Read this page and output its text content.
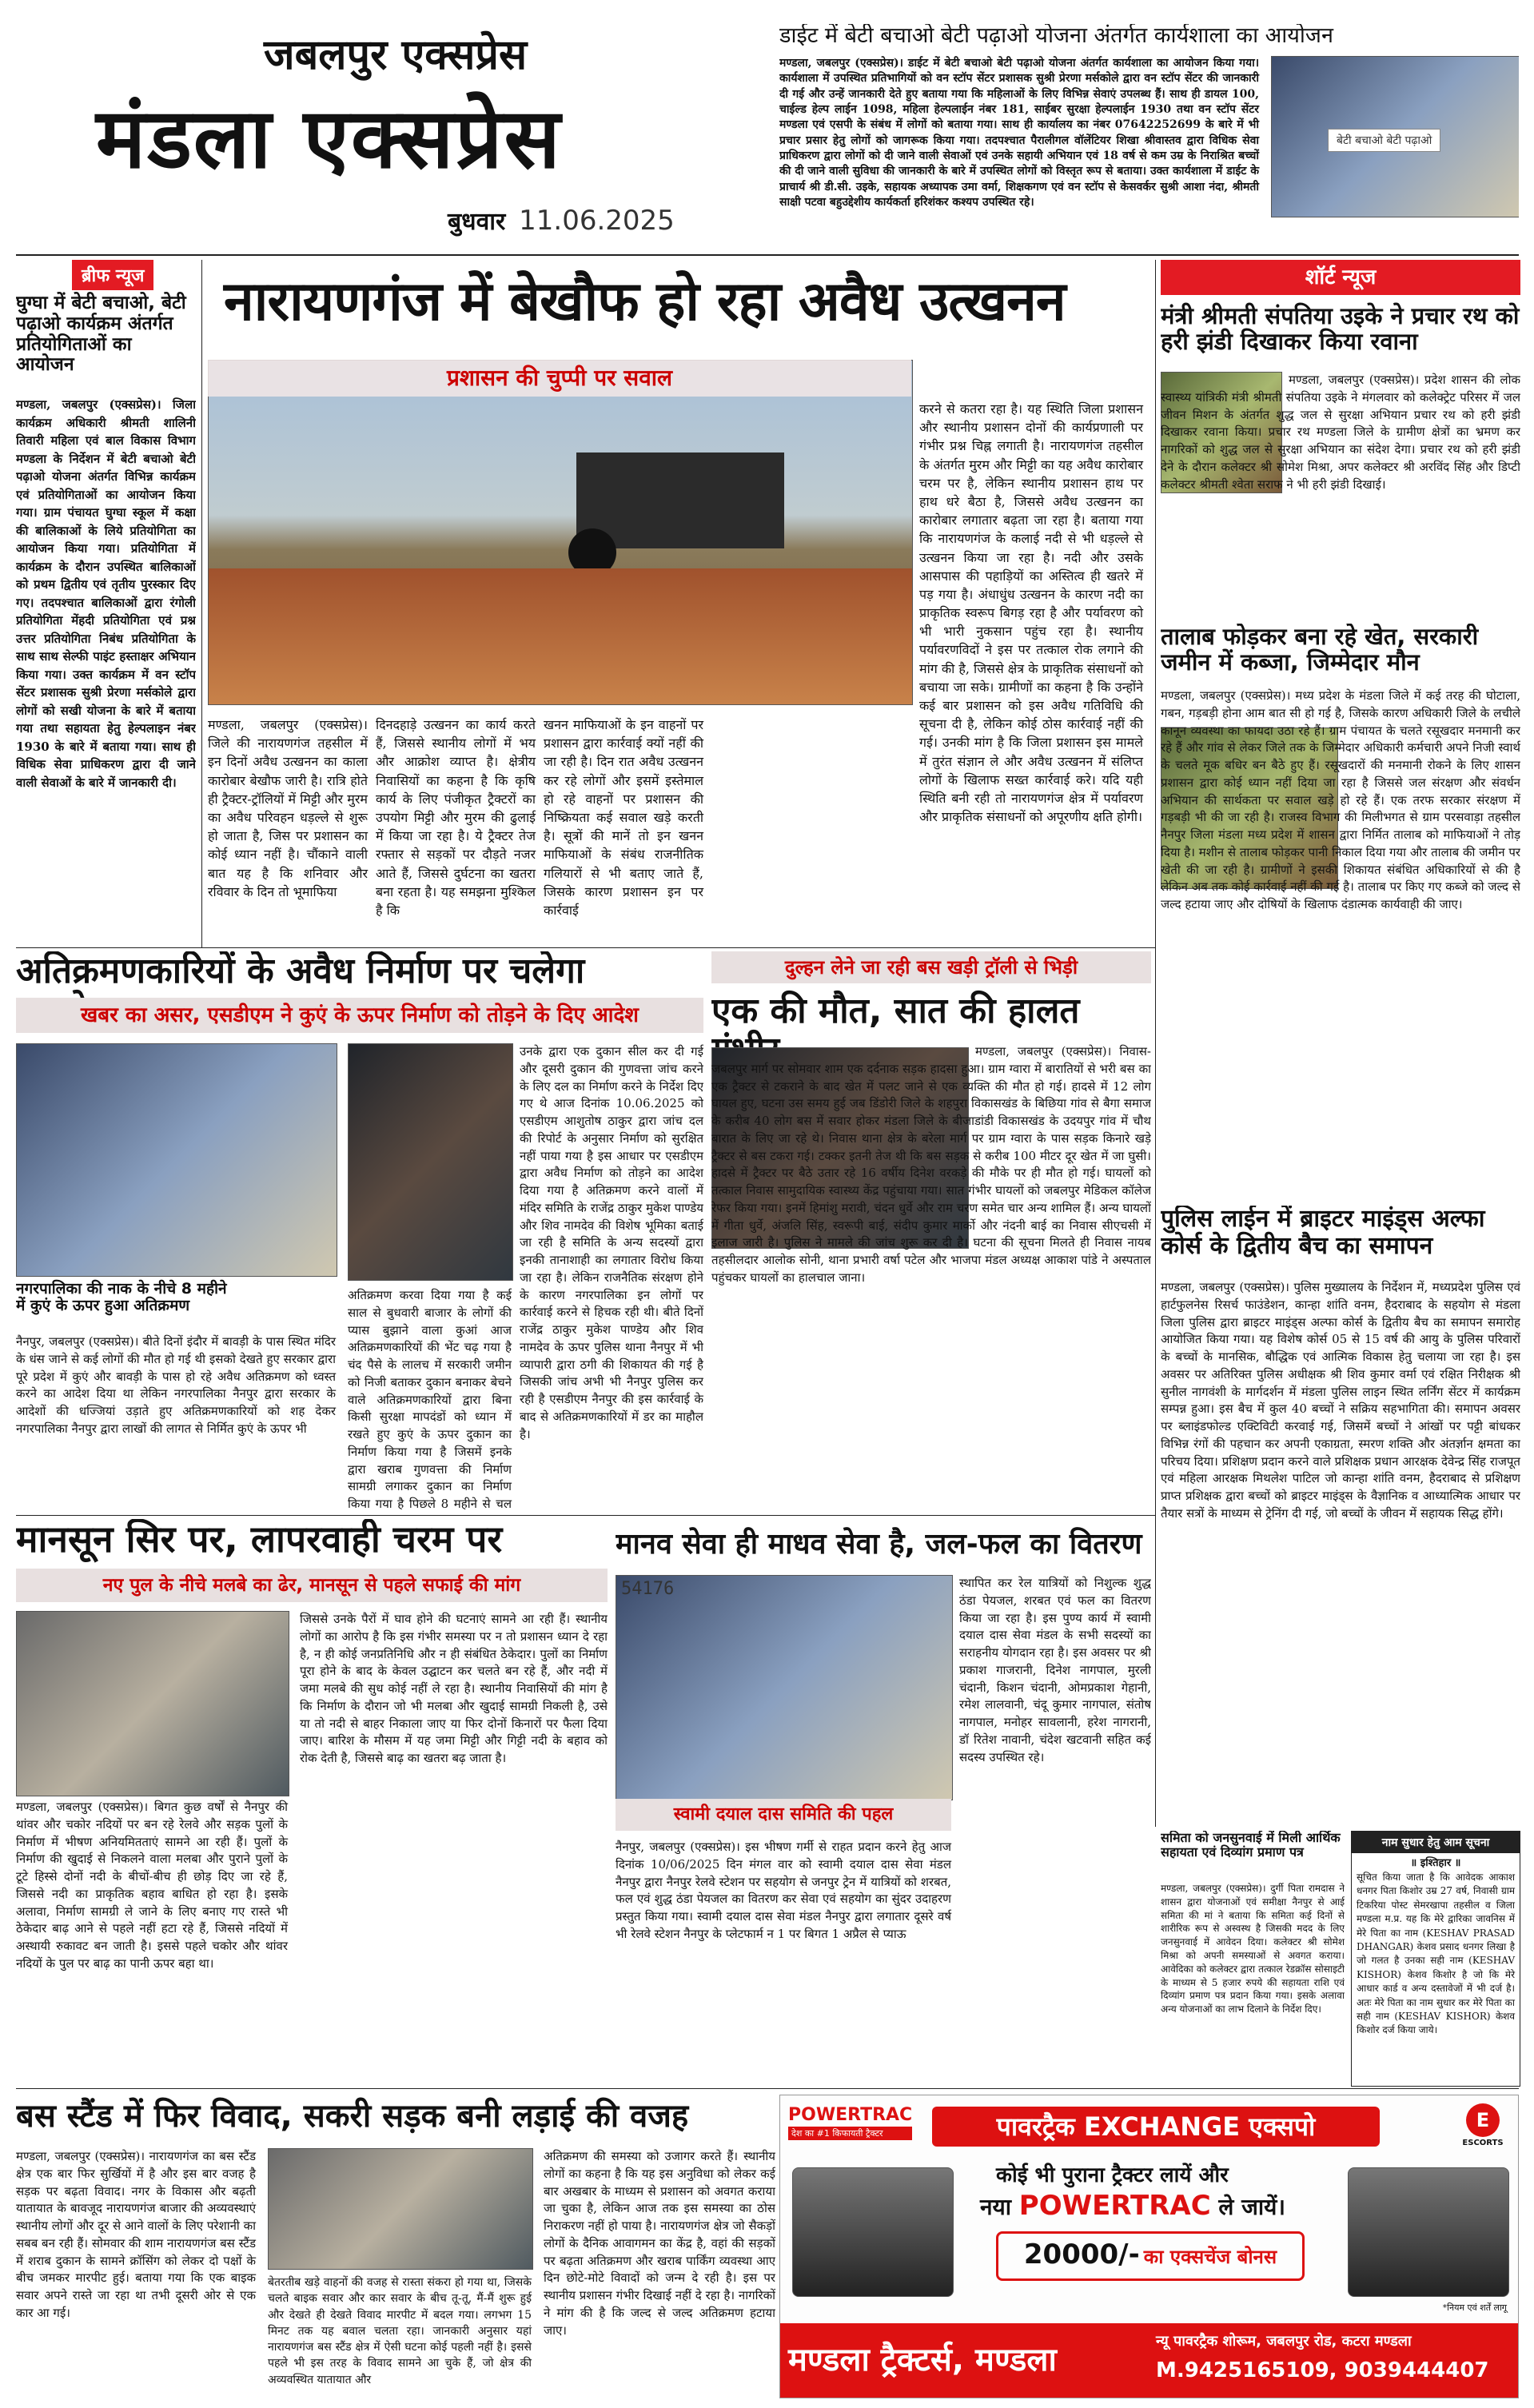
जबलपुर एक्सप्रेस
मंडला एक्सप्रेस
बुधवार 11.06.2025
डाईट में बेटी बचाओ बेटी पढ़ाओ योजना अंतर्गत कार्यशाला का आयोजन
मण्डला, जबलपुर (एक्सप्रेस)। डाईट में बेटी बचाओ बेटी पढ़ाओ योजना अंतर्गत कार्यशाला का आयोजन किया गया। कार्यशाला में उपस्थित प्रतिभागियों को वन स्टॉप सेंटर प्रशासक सुश्री प्रेरणा मर्सकोले द्वारा वन स्टॉप सेंटर की जानकारी दी गई और उन्हें जानकारी देते हुए बताया गया कि महिलाओं के लिए विभिन्न सेवाएं उपलब्ध हैं। साथ ही डायल 100, चाईल्ड हेल्प लाईन 1098, महिला हेल्पलाईन नंबर 181, साईबर सुरक्षा हेल्पलाईन 1930 तथा वन स्टॉप सेंटर मण्डला एवं एसपी के संबंध में लोगों को बताया गया। साथ ही कार्यालय का नंबर 07642252699 के बारे में भी प्रचार प्रसार हेतु लोगों को जागरूक किया गया। तदपश्चात पैरालीगल वॉलेंटियर शिखा श्रीवास्तव द्वारा विधिक सेवा प्राधिकरण द्वारा लोगों को दी जाने वाली सेवाओं एवं उनके सहायी अभियान एवं 18 वर्ष से कम उम्र के निराश्रित बच्चों की दी जाने वाली सुविधा की जानकारी के बारे में उपस्थित लोगों को विस्तृत रूप से बताया। उक्त कार्यशाला में डाईट के प्राचार्य श्री डी.सी. उइके, सहायक अध्यापक उमा वर्मा, शिक्षकगण एवं वन स्टॉप से केसवर्कर सुश्री आशा नंदा, श्रीमती साक्षी पटवा बहुउद्देशीय कार्यकर्ता हरिशंकर कश्यप उपस्थित रहे।
बेटी बचाओ बेटी पढ़ाओ
ब्रीफ न्यूज
घुग्घा में बेटी बचाओ, बेटी पढ़ाओ कार्यक्रम अंतर्गत प्रतियोगिताओं का आयोजन
मण्डला, जबलपुर (एक्सप्रेस)। जिला कार्यक्रम अधिकारी श्रीमती शालिनी तिवारी महिला एवं बाल विकास विभाग मण्डला के निर्देशन में बेटी बचाओ बेटी पढ़ाओ योजना अंतर्गत विभिन्न कार्यक्रम एवं प्रतियोगिताओं का आयोजन किया गया। ग्राम पंचायत घुग्घा स्कूल में कक्षा की बालिकाओं के लिये प्रतियोगिता का आयोजन किया गया। प्रतियोगिता में कार्यक्रम के दौरान उपस्थित बालिकाओं को प्रथम द्वितीय एवं तृतीय पुरस्कार दिए गए। तदपश्चात बालिकाओं द्वारा रंगोली प्रतियोगिता मेंहदी प्रतियोगिता एवं प्रश्न उत्तर प्रतियोगिता निबंध प्रतियोगिता के साथ साथ सेल्फी पाइंट हस्ताक्षर अभियान किया गया। उक्त कार्यक्रम में वन स्टॉप सेंटर प्रशासक सुश्री प्रेरणा मर्सकोले द्वारा लोगों को सखी योजना के बारे में बताया गया तथा सहायता हेतु हेल्पलाइन नंबर 1930 के बारे में बताया गया। साथ ही विधिक सेवा प्राधिकरण द्वारा दी जाने वाली सेवाओं के बारे में जानकारी दी।
नारायणगंज में बेखौफ हो रहा अवैध उत्खनन
प्रशासन की चुप्पी पर सवाल
मण्डला, जबलपुर (एक्सप्रेस)। जिले की नारायणगंज तहसील में इन दिनों अवैध उत्खनन का काला कारोबार बेखौफ जारी है। रात्रि होते ही ट्रैक्टर-ट्रॉलियों में मिट्टी और मुरम का अवैध परिवहन धड़ल्ले से शुरू हो जाता है, जिस पर प्रशासन का कोई ध्यान नहीं है। चौंकाने वाली बात यह है कि शनिवार और रविवार के दिन तो भूमाफिया
दिनदहाड़े उत्खनन का कार्य करते हैं, जिससे स्थानीय लोगों में भय और आक्रोश व्याप्त है। क्षेत्रीय निवासियों का कहना है कि कृषि कार्य के लिए पंजीकृत ट्रैक्टरों का उपयोग मिट्टी और मुरम की ढुलाई में किया जा रहा है। ये ट्रैक्टर तेज रफ्तार से सड़कों पर दौड़ते नजर आते हैं, जिससे दुर्घटना का खतरा बना रहता है। यह समझना मुश्किल है कि
खनन माफियाओं के इन वाहनों पर प्रशासन द्वारा कार्रवाई क्यों नहीं की जा रही है। दिन रात अवैध उत्खनन कर रहे लोगों और इसमें इस्तेमाल हो रहे वाहनों पर प्रशासन की निष्क्रियता कई सवाल खड़े करती है। सूत्रों की मानें तो इन खनन माफियाओं के संबंध राजनीतिक गलियारों से भी बताए जाते हैं, जिसके कारण प्रशासन इन पर कार्रवाई
करने से कतरा रहा है। यह स्थिति जिला प्रशासन और स्थानीय प्रशासन दोनों की कार्यप्रणाली पर गंभीर प्रश्न चिह्न लगाती है। नारायणगंज तहसील के अंतर्गत मुरम और मिट्टी का यह अवैध कारोबार चरम पर है, लेकिन स्थानीय प्रशासन हाथ पर हाथ धरे बैठा है, जिससे अवैध उत्खनन का कारोबार लगातार बढ़ता जा रहा है। बताया गया कि नारायणगंज के कलाई नदी से भी धड़ल्ले से उत्खनन किया जा रहा है। नदी और उसके आसपास की पहाड़ियों का अस्तित्व ही खतरे में पड़ गया है। अंधाधुंध उत्खनन के कारण नदी का प्राकृतिक स्वरूप बिगड़ रहा है और पर्यावरण को भी भारी नुकसान पहुंच रहा है। स्थानीय पर्यावरणविदों ने इस पर तत्काल रोक लगाने की मांग की है, जिससे क्षेत्र के प्राकृतिक संसाधनों को बचाया जा सके। ग्रामीणों का कहना है कि उन्होंने कई बार प्रशासन को इस अवैध गतिविधि की सूचना दी है, लेकिन कोई ठोस कार्रवाई नहीं की गई। उनकी मांग है कि जिला प्रशासन इस मामले में तुरंत संज्ञान ले और अवैध उत्खनन में संलिप्त लोगों के खिलाफ सख्त कार्रवाई करे। यदि यही स्थिति बनी रही तो नारायणगंज क्षेत्र में पर्यावरण और प्राकृतिक संसाधनों को अपूरणीय क्षति होगी।
शॉर्ट न्यूज
मंत्री श्रीमती संपतिया उइके ने प्रचार रथ को हरी झंडी दिखाकर किया रवाना
मण्डला, जबलपुर (एक्सप्रेस)। प्रदेश शासन की लोक स्वास्थ्य यांत्रिकी मंत्री श्रीमती संपतिया उइके ने मंगलवार को कलेक्ट्रेट परिसर में जल जीवन मिशन के अंतर्गत शुद्ध जल से सुरक्षा अभियान प्रचार रथ को हरी झंडी दिखाकर रवाना किया। प्रचार रथ मण्डला जिले के ग्रामीण क्षेत्रों का भ्रमण कर नागरिकों को शुद्ध जल से सुरक्षा अभियान का संदेश देगा। प्रचार रथ को हरी झंडी देने के दौरान कलेक्टर श्री सोमेश मिश्रा, अपर कलेक्टर श्री अरविंद सिंह और डिप्टी कलेक्टर श्रीमती श्वेता सराफ ने भी हरी झंडी दिखाई।
तालाब फोड़कर बना रहे खेत, सरकारी जमीन में कब्जा, जिम्मेदार मौन
मण्डला, जबलपुर (एक्सप्रेस)। मध्य प्रदेश के मंडला जिले में कई तरह की घोटाला, गबन, गड़बड़ी होना आम बात सी हो गई है, जिसके कारण अधिकारी जिले के लचीले कानून व्यवस्था का फायदा उठा रहे हैं। ग्राम पंचायत के चलते रसूखदार मनमानी कर रहे हैं और गांव से लेकर जिले तक के जिम्मेदार अधिकारी कर्मचारी अपने निजी स्वार्थ के चलते मूक बधिर बन बैठे हुए हैं। रसूखदारों की मनमानी रोकने के लिए शासन प्रशासन द्वारा कोई ध्यान नहीं दिया जा रहा है जिससे जल संरक्षण और संवर्धन अभियान की सार्थकता पर सवाल खड़े हो रहे हैं। एक तरफ सरकार संरक्षण में गड़बड़ी भी की जा रही है। राजस्व विभाग की मिलीभगत से ग्राम परसवाड़ा तहसील नैनपुर जिला मंडला मध्य प्रदेश में शासन द्वारा निर्मित तालाब को माफियाओं ने तोड़ दिया है। मशीन से तालाब फोड़कर पानी निकाल दिया गया और तालाब की जमीन पर खेती की जा रही है। ग्रामीणों ने इसकी शिकायत संबंधित अधिकारियों से की है लेकिन अब तक कोई कार्रवाई नहीं की गई है। तालाब पर किए गए कब्जे को जल्द से जल्द हटाया जाए और दोषियों के खिलाफ दंडात्मक कार्यवाही की जाए।
पुलिस लाईन में ब्राइटर माइंड्स अल्फा कोर्स के द्वितीय बैच का समापन
मण्डला, जबलपुर (एक्सप्रेस)। पुलिस मुख्यालय के निर्देशन में, मध्यप्रदेश पुलिस एवं हार्टफुलनेस रिसर्च फाउंडेशन, कान्हा शांति वनम, हैदराबाद के सहयोग से मंडला जिला पुलिस द्वारा ब्राइटर माइंड्स अल्फा कोर्स के द्वितीय बैच का समापन समारोह आयोजित किया गया। यह विशेष कोर्स 05 से 15 वर्ष की आयु के पुलिस परिवारों के बच्चों के मानसिक, बौद्धिक एवं आत्मिक विकास हेतु चलाया जा रहा है। इस अवसर पर अतिरिक्त पुलिस अधीक्षक श्री शिव कुमार वर्मा एवं रक्षित निरीक्षक श्री सुनील नागवंशी के मार्गदर्शन में मंडला पुलिस लाइन स्थित लर्निंग सेंटर में कार्यक्रम सम्पन्न हुआ। इस बैच में कुल 40 बच्चों ने सक्रिय सहभागिता की। समापन अवसर पर ब्लाइंडफोल्ड एक्टिविटी करवाई गई, जिसमें बच्चों ने आंखों पर पट्टी बांधकर विभिन्न रंगों की पहचान कर अपनी एकाग्रता, स्मरण शक्ति और अंतर्ज्ञान क्षमता का परिचय दिया। प्रशिक्षण प्रदान करने वाले प्रशिक्षक प्रधान आरक्षक देवेन्द्र सिंह राजपूत एवं महिला आरक्षक मिथलेश पाटिल जो कान्हा शांति वनम, हैदराबाद से प्रशिक्षण प्राप्त प्रशिक्षक द्वारा बच्चों को ब्राइटर माइंड्स के वैज्ञानिक व आध्यात्मिक आधार पर तैयार सत्रों के माध्यम से ट्रेनिंग दी गई, जो बच्चों के जीवन में सहायक सिद्ध होंगे।
अतिक्रमणकारियों के अवैध निर्माण पर चलेगा
खबर का असर, एसडीएम ने कुएं के ऊपर निर्माण को तोड़ने के दिए आदेश
नगरपालिका की नाक के नीचे 8 महीने में कुएं के ऊपर हुआ अतिक्रमण
नैनपुर, जबलपुर (एक्सप्रेस)। बीते दिनों इंदौर में बावड़ी के पास स्थित मंदिर के धंस जाने से कई लोगों की मौत हो गई थी इसको देखते हुए सरकार द्वारा पूरे प्रदेश में कुएं और बावड़ी के पास हो रहे अवैध अतिक्रमण को ध्वस्त करने का आदेश दिया था लेकिन नगरपालिका नैनपुर द्वारा सरकार के आदेशों की धज्जियां उड़ाते हुए अतिक्रमणकारियों को शह देकर नगरपालिका नैनपुर द्वारा लाखों की लागत से निर्मित कुएं के ऊपर भी
अतिक्रमण करवा दिया गया है कई साल से बुधवारी बाजार के लोगों की प्यास बुझाने वाला कुआं आज अतिक्रमणकारियों की भेंट चढ़ गया है चंद पैसे के लालच में सरकारी जमीन को निजी बताकर दुकान बनाकर बेचने वाले अतिक्रमणकारियों द्वारा बिना किसी सुरक्षा मापदंडों को ध्यान में रखते हुए कुएं के ऊपर दुकान का निर्माण किया गया है जिसमें इनके द्वारा खराब गुणवत्ता की निर्माण सामग्री लगाकर दुकान का निर्माण किया गया है पिछले 8 महीने से चल
उनके द्वारा एक दुकान सील कर दी गई और दूसरी दुकान की गुणवत्ता जांच करने के लिए दल का निर्माण करने के निर्देश दिए गए थे आज दिनांक 10.06.2025 को एसडीएम आशुतोष ठाकुर द्वारा जांच दल की रिपोर्ट के अनुसार निर्माण को सुरक्षित नहीं पाया गया है इस आधार पर एसडीएम द्वारा अवैध निर्माण को तोड़ने का आदेश दिया गया है अतिक्रमण करने वालों में मंदिर समिति के राजेंद्र ठाकुर मुकेश पाण्डेय और शिव नामदेव की विशेष भूमिका बताई जा रही है समिति के अन्य सदस्यों द्वारा इनकी तानाशाही का लगातार विरोध किया जा रहा है। लेकिन राजनैतिक संरक्षण होने के कारण नगरपालिका इन लोगों पर कार्रवाई करने से हिचक रही थी। बीते दिनों राजेंद्र ठाकुर मुकेश पाण्डेय और शिव नामदेव के ऊपर पुलिस थाना नैनपुर में भी व्यापारी द्वारा ठगी की शिकायत की गई है जिसकी जांच अभी भी नैनपुर पुलिस कर रही है एसडीएम नैनपुर की इस कार्रवाई के बाद से अतिक्रमणकारियों में डर का माहौल है।
दुल्हन लेने जा रही बस खड़ी ट्रॉली से भिड़ी
एक की मौत, सात की हालत
मण्डला, जबलपुर (एक्सप्रेस)। निवास-जबलपुर मार्ग पर सोमवार शाम एक दर्दनाक सड़क हादसा हुआ। ग्राम ग्वारा में बारातियों से भरी बस का एक ट्रैक्टर से टकराने के बाद खेत में पलट जाने से एक व्यक्ति की मौत हो गई। हादसे में 12 लोग घायल हुए, घटना उस समय हुई जब डिंडोरी जिले के शहपुरा विकासखंड के बिछिया गांव से बैगा समाज के करीब 40 लोग बस में सवार होकर मंडला जिले के बीजाडांडी विकासखंड के उदयपुर गांव में चौथ बारात के लिए जा रहे थे। निवास थाना क्षेत्र के बरेला मार्ग पर ग्राम ग्वारा के पास सड़क किनारे खड़े ट्रैक्टर से बस टकरा गई। टक्कर इतनी तेज थी कि बस सड़क से करीब 100 मीटर दूर खेत में जा घुसी। हादसे में ट्रैक्टर पर बैठे उतार रहे 16 वर्षीय दिनेश वरकड़े की मौके पर ही मौत हो गई। घायलों को तत्काल निवास सामुदायिक स्वास्थ्य केंद्र पहुंचाया गया। सात गंभीर घायलों को जबलपुर मेडिकल कॉलेज रेफर किया गया। इनमें हिमांशु मरावी, चंदन धुर्वे और राम चरण समेत चार अन्य शामिल हैं। अन्य घायलों में गीता धुर्वे, अंजलि सिंह, स्वरूपी बाई, संदीप कुमार मार्को और नंदनी बाई का निवास सीएचसी में इलाज जारी है। पुलिस ने मामले की जांच शुरू कर दी है। घटना की सूचना मिलते ही निवास नायब तहसीलदार आलोक सोनी, थाना प्रभारी वर्षा पटेल और भाजपा मंडल अध्यक्ष आकाश पांडे ने अस्पताल पहुंचकर घायलों का हालचाल जाना।
मानसून सिर पर, लापरवाही चरम पर
नए पुल के नीचे मलबे का ढेर, मानसून से पहले सफाई की मांग
मण्डला, जबलपुर (एक्सप्रेस)। बिगत कुछ वर्षों से नैनपुर की थांवर और चकोर नदियों पर बन रहे रेलवे और सड़क पुलों के निर्माण में भीषण अनियमितताएं सामने आ रही हैं। पुलों के निर्माण की खुदाई से निकलने वाला मलबा और पुराने पुलों के टूटे हिस्से दोनों नदी के बीचों-बीच ही छोड़ दिए जा रहे हैं, जिससे नदी का प्राकृतिक बहाव बाधित हो रहा है। इसके अलावा, निर्माण सामग्री ले जाने के लिए बनाए गए रास्ते भी ठेकेदार बाढ़ आने से पहले नहीं हटा रहे हैं, जिससे नदियों में अस्थायी रुकावट बन जाती है। इससे पहले चकोर और थांवर नदियों के पुल पर बाढ़ का पानी ऊपर बहा था।
जिससे उनके पैरों में घाव होने की घटनाएं सामने आ रही हैं। स्थानीय लोगों का आरोप है कि इस गंभीर समस्या पर न तो प्रशासन ध्यान दे रहा है, न ही कोई जनप्रतिनिधि और न ही संबंधित ठेकेदार। पुलों का निर्माण पूरा होने के बाद के केवल उद्घाटन कर चलते बन रहे हैं, और नदी में जमा मलबे की सुध कोई नहीं ले रहा है। स्थानीय निवासियों की मांग है कि निर्माण के दौरान जो भी मलबा और खुदाई सामग्री निकली है, उसे या तो नदी से बाहर निकाला जाए या फिर दोनों किनारों पर फैला दिया जाए। बारिश के मौसम में यह जमा मिट्टी और गिट्टी नदी के बहाव को रोक देती है, जिससे बाढ़ का खतरा बढ़ जाता है।
मानव सेवा ही माधव सेवा है, जल-फल का वितरण
54176
स्वामी दयाल दास समिति की पहल
नैनपुर, जबलपुर (एक्सप्रेस)। इस भीषण गर्मी से राहत प्रदान करने हेतु आज दिनांक 10/06/2025 दिन मंगल वार को स्वामी दयाल दास सेवा मंडल नैनपुर द्वारा नैनपुर रेलवे स्टेशन पर सहयोग से जनपुर ट्रेन में यात्रियों को शरबत, फल एवं शुद्ध ठंडा पेयजल का वितरण कर सेवा एवं सहयोग का सुंदर उदाहरण प्रस्तुत किया गया। स्वामी दयाल दास सेवा मंडल नैनपुर द्वारा लगातार दूसरे वर्ष भी रेलवे स्टेशन नैनपुर के प्लेटफार्म न 1 पर बिगत 1 अप्रैल से प्याऊ
स्थापित कर रेल यात्रियों को निशुल्क शुद्ध ठंडा पेयजल, शरबत एवं फल का वितरण किया जा रहा है। इस पुण्य कार्य में स्वामी दयाल दास सेवा मंडल के सभी सदस्यों का सराहनीय योगदान रहा है। इस अवसर पर श्री प्रकाश गाजरानी, दिनेश नागपाल, मुरली चंदानी, किशन चंदानी, ओमप्रकाश गेहानी, रमेश लालवानी, चंदू कुमार नागपाल, संतोष नागपाल, मनोहर सावलानी, हरेश नागरानी, डॉ रितेश नावानी, चंदेश खटवानी सहित कई सदस्य उपस्थित रहे।
समिता को जनसुनवाई में मिली आर्थिक सहायता एवं दिव्यांग प्रमाण पत्र
मण्डला, जबलपुर (एक्सप्रेस)। दुर्गी पिता रामदास ने शासन द्वारा योजनाओं एवं समीक्षा नैनपुर से आई समिता की मां ने बताया कि समिता कई दिनों से शारीरिक रूप से अस्वस्थ है जिसकी मदद के लिए जनसुनवाई में आवेदन दिया। कलेक्टर श्री सोमेश मिश्रा को अपनी समस्याओं से अवगत कराया। आवेदिका को कलेक्टर द्वारा तत्काल रेडक्रॉस सोसाइटी के माध्यम से 5 हजार रुपये की सहायता राशि एवं दिव्यांग प्रमाण पत्र प्रदान किया गया। इसके अलावा अन्य योजनाओं का लाभ दिलाने के निर्देश दिए।
नाम सुधार हेतु आम सूचना
॥ इश्तिहार ॥
सूचित किया जाता है कि आवेदक आकाश धनगर पिता किशोर उम्र 27 वर्ष, निवासी ग्राम टिकरिया पोस्ट सेमरखापा तहसील व जिला मण्डला म.प्र. यह कि मेरे द्वारिका जावनिस में मेरे पिता का नाम (KESHAV PRASAD DHANGAR) केशव प्रसाद धनगर लिखा है जो गलत है उनका सही नाम (KESHAV KISHOR) केशव किशोर है जो कि मेरे आधार कार्ड व अन्य दस्तावेजों में भी दर्ज है। अतः मेरे पिता का नाम सुधार कर मेरे पिता का सही नाम (KESHAV KISHOR) केशव किशोर दर्ज किया जाये।
बस स्टैंड में फिर विवाद, सकरी सड़क बनी लड़ाई की वजह
मण्डला, जबलपुर (एक्सप्रेस)। नारायणगंज का बस स्टैंड क्षेत्र एक बार फिर सुर्खियों में है और इस बार वजह है सड़क पर बढ़ता विवाद। नगर के विकास और बढ़ती यातायात के बावजूद नारायणगंज बाजार की अव्यवस्थाएं स्थानीय लोगों और दूर से आने वालों के लिए परेशानी का सबब बन रही हैं। सोमवार की शाम नारायणगंज बस स्टैंड में शराब दुकान के सामने क्रॉसिंग को लेकर दो पक्षों के बीच जमकर मारपीट हुई। बताया गया कि एक बाइक सवार अपने रास्ते जा रहा था तभी दूसरी ओर से एक कार आ गई।
बेतरतीब खड़े वाहनों की वजह से रास्ता संकरा हो गया था, जिसके चलते बाइक सवार और कार सवार के बीच तू-तू, मैं-मैं शुरू हुई और देखते ही देखते विवाद मारपीट में बदल गया। लगभग 15 मिनट तक यह बवाल चलता रहा। जानकारी अनुसार यहां नारायणगंज बस स्टैंड क्षेत्र में ऐसी घटना कोई पहली नहीं है। इससे पहले भी इस तरह के विवाद सामने आ चुके हैं, जो क्षेत्र की अव्यवस्थित यातायात और
अतिक्रमण की समस्या को उजागर करते हैं। स्थानीय लोगों का कहना है कि यह इस अनुविधा को लेकर कई बार अखबार के माध्यम से प्रशासन को अवगत कराया जा चुका है, लेकिन आज तक इस समस्या का ठोस निराकरण नहीं हो पाया है। नारायणगंज क्षेत्र जो सैकड़ों लोगों के दैनिक आवागमन का केंद्र है, वहां की सड़कों पर बढ़ता अतिक्रमण और खराब पार्किंग व्यवस्था आए दिन छोटे-मोटे विवादों को जन्म दे रही है। इस पर स्थानीय प्रशासन गंभीर दिखाई नहीं दे रहा है। नागरिकों ने मांग की है कि जल्द से जल्द अतिक्रमण हटाया जाए।
POWERTRAC
देश का #1 किफायती ट्रैक्टर	पावरट्रैक EXCHANGE एक्सपो	E
ESCORTS
कोई भी पुराना ट्रैक्टर लायें और
नया POWERTRAC ले जायें।
20000/- का एक्सचेंज बोनस
*नियम एवं शर्तें लागू
मण्डला ट्रैक्टर्स, मण्डला
न्यू पावरट्रैक शोरूम, जबलपुर रोड, कटरा मण्डला
M.9425165109, 9039444407
